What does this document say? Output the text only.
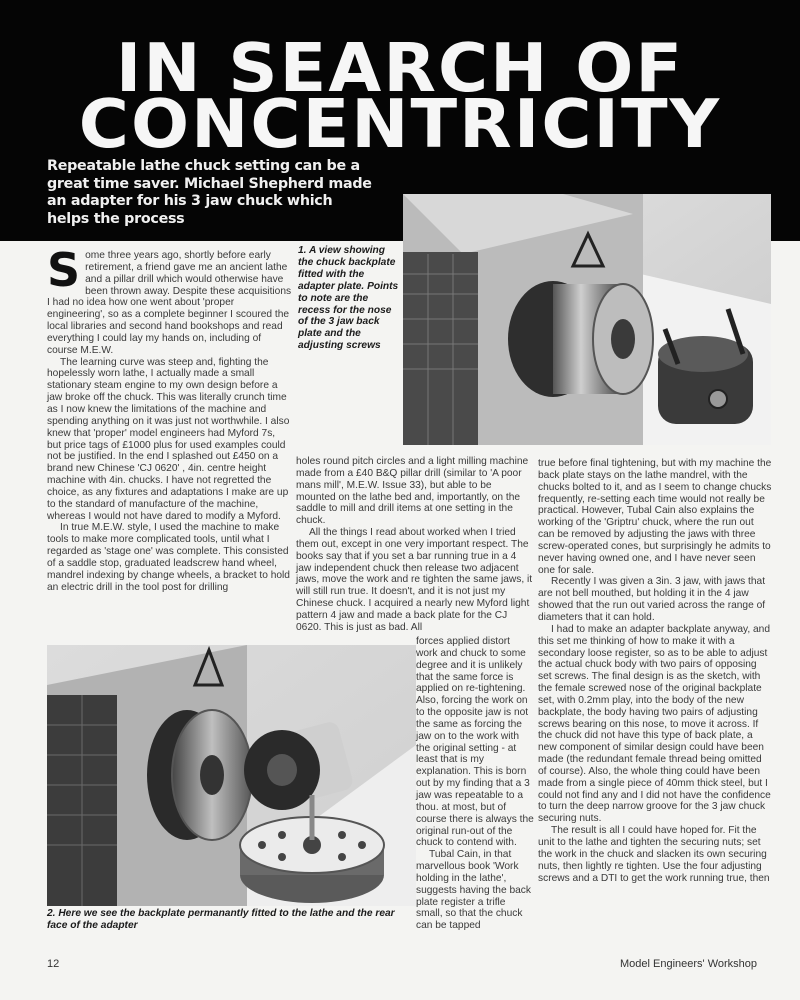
IN SEARCH OF
CONCENTRICITY
Repeatable lathe chuck setting can be a great time saver. Michael Shepherd made an adapter for his 3 jaw chuck which helps the process
1. A view showing the chuck backplate fitted with the adapter plate. Points to note are the recess for the nose of the 3 jaw back plate and the adjusting screws
2. Here we see the backplate permanantly fitted to the lathe and the rear face of the adapter

Some three years ago, shortly before early retirement, a friend gave me an ancient lathe and a pillar drill which would otherwise have been thrown away. Despite these acquisitions I had no idea how one went about 'proper engineering', so as a complete beginner I scoured the local libraries and second hand bookshops and read everything I could lay my hands on, including of course M.E.W.

The learning curve was steep and, fighting the hopelessly worn lathe, I actually made a small stationary steam engine to my own design before a jaw broke off the chuck. This was literally crunch time as I now knew the limitations of the machine and spending anything on it was just not worthwhile. I also knew that 'proper' model engineers had Myford 7s, but price tags of £1000 plus for used examples could not be justified. In the end I splashed out £450 on a brand new Chinese 'CJ 0620' , 4in. centre height machine with 4in. chucks. I have not regretted the choice, as any fixtures and adaptations I make are up to the standard of manufacture of the machine, whereas I would not have dared to modify a Myford.

In true M.E.W. style, I used the machine to make tools to make more complicated tools, until what I regarded as 'stage one' was complete. This consisted of a saddle stop, graduated leadscrew hand wheel, mandrel indexing by change wheels, a bracket to hold an electric drill in the tool post for drilling

holes round pitch circles and a light milling machine made from a £40 B&Q pillar drill (similar to 'A poor mans mill', M.E.W. Issue 33), but able to be mounted on the lathe bed and, importantly, on the saddle to mill and drill items at one setting in the chuck.

All the things I read about worked when I tried them out, except in one very important respect. The books say that if you set a bar running true in a 4 jaw independent chuck then release two adjacent jaws, move the work and re tighten the same jaws, it will still run true. It doesn't, and it is not just my Chinese chuck. I acquired a nearly new Myford light pattern 4 jaw and made a back plate for the CJ 0620. This is just as bad. All

forces applied distort work and chuck to some degree and it is unlikely that the same force is applied on re-tightening. Also, forcing the work on to the opposite jaw is not the same as forcing the jaw on to the work with the original setting - at least that is my explanation. This is born out by my finding that a 3 jaw was repeatable to a thou. at most, but of course there is always the original run-out of the chuck to contend with.

Tubal Cain, in that marvellous book 'Work holding in the lathe', suggests having the back plate register a trifle small, so that the chuck can be tapped

true before final tightening, but with my machine the back plate stays on the lathe mandrel, with the chucks bolted to it, and as I seem to change chucks frequently, re-setting each time would not really be practical. However, Tubal Cain also explains the working of the 'Griptru' chuck, where the run out can be removed by adjusting the jaws with three screw-operated cones, but surprisingly he admits to never having owned one, and I have never seen one for sale.

Recently I was given a 3in. 3 jaw, with jaws that are not bell mouthed, but holding it in the 4 jaw showed that the run out varied across the range of diameters that it can hold.

I had to make an adapter backplate anyway, and this set me thinking of how to make it with a secondary loose register, so as to be able to adjust the actual chuck body with two pairs of opposing set screws. The final design is as the sketch, with the female screwed nose of the original backplate set, with 0.2mm play, into the body of the new backplate, the body having two pairs of adjusting screws bearing on this nose, to move it across. If the chuck did not have this type of back plate, a new component of similar design could have been made (the redundant female thread being omitted of course). Also, the whole thing could have been made from a single piece of 40mm thick steel, but I could not find any and I did not have the confidence to turn the deep narrow groove for the 3 jaw chuck securing nuts.

The result is all I could have hoped for. Fit the unit to the lathe and tighten the securing nuts; set the work in the chuck and slacken its own securing nuts, then lightly re tighten. Use the four adjusting screws and a DTI to get the work running true, then

12	Model Engineers' Workshop
